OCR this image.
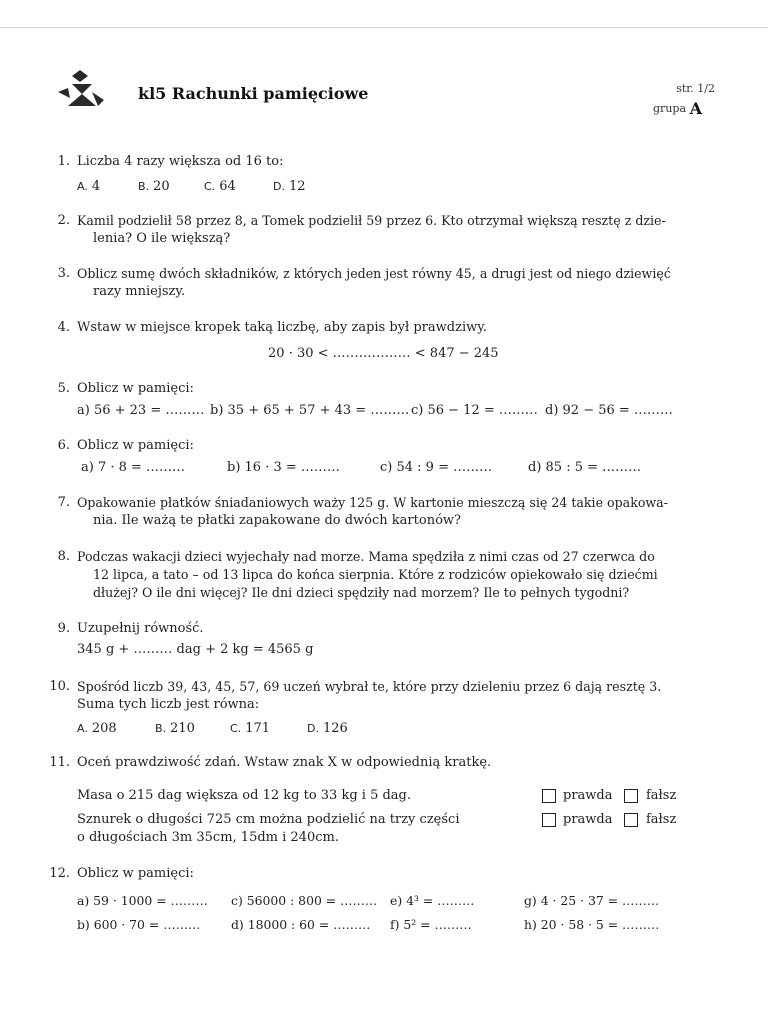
kl5 Rachunki pamięciowe	str. 1/2
grupa A
1. Liczba 4 razy większa od 16 to:
A. 4	B. 20	C. 64	D. 12
2. Kamil podzielił 58 przez 8, a Tomek podzielił 59 przez 6. Kto otrzymał większą resztę z dzie-
lenia? O ile większą?
3. Oblicz sumę dwóch składników, z których jeden jest równy 45, a drugi jest od niego dziewięć
razy mniejszy.
4. Wstaw w miejsce kropek taką liczbę, aby zapis był prawdziwy.
20 · 30 < ……………… < 847 − 245
5. Oblicz w pamięci:
a) 56 + 23 = ……… b) 35 + 65 + 57 + 43 = ……… c) 56 − 12 = ……… d) 92 − 56 = ………
6. Oblicz w pamięci:
a) 7 · 8 = ………	b) 16 · 3 = ………	c) 54 : 9 = ………	d) 85 : 5 = ………
7. Opakowanie płatków śniadaniowych waży 125 g. W kartonie mieszczą się 24 takie opakowa-
nia. Ile ważą te płatki zapakowane do dwóch kartonów?
8. Podczas wakacji dzieci wyjechały nad morze. Mama spędziła z nimi czas od 27 czerwca do
12 lipca, a tato – od 13 lipca do końca sierpnia. Które z rodziców opiekowało się dziećmi
dłużej? O ile dni więcej? Ile dni dzieci spędziły nad morzem? Ile to pełnych tygodni?
9. Uzupełnij równość.
345 g + ……… dag + 2 kg = 4565 g
10. Spośród liczb 39, 43, 45, 57, 69 uczeń wybrał te, które przy dzieleniu przez 6 dają resztę 3.
Suma tych liczb jest równa:
A. 208	B. 210	C. 171	D. 126
11. Oceń prawdziwość zdań. Wstaw znak X w odpowiednią kratkę.
Masa o 215 dag większa od 12 kg to 33 kg i 5 dag.	prawda	fałsz
Sznurek o długości 725 cm można podzielić na trzy części
o długościach 3m 35cm, 15dm i 240cm.
prawda	fałsz
12. Oblicz w pamięci:
a) 59 · 1000 = ……… c) 56000 : 800 = ……… e) 4³ = ………	g) 4 · 25 · 37 = ………
b) 600 · 70 = ……… d) 18000 : 60 = ……… f) 5² = ………	h) 20 · 58 · 5 = ………
